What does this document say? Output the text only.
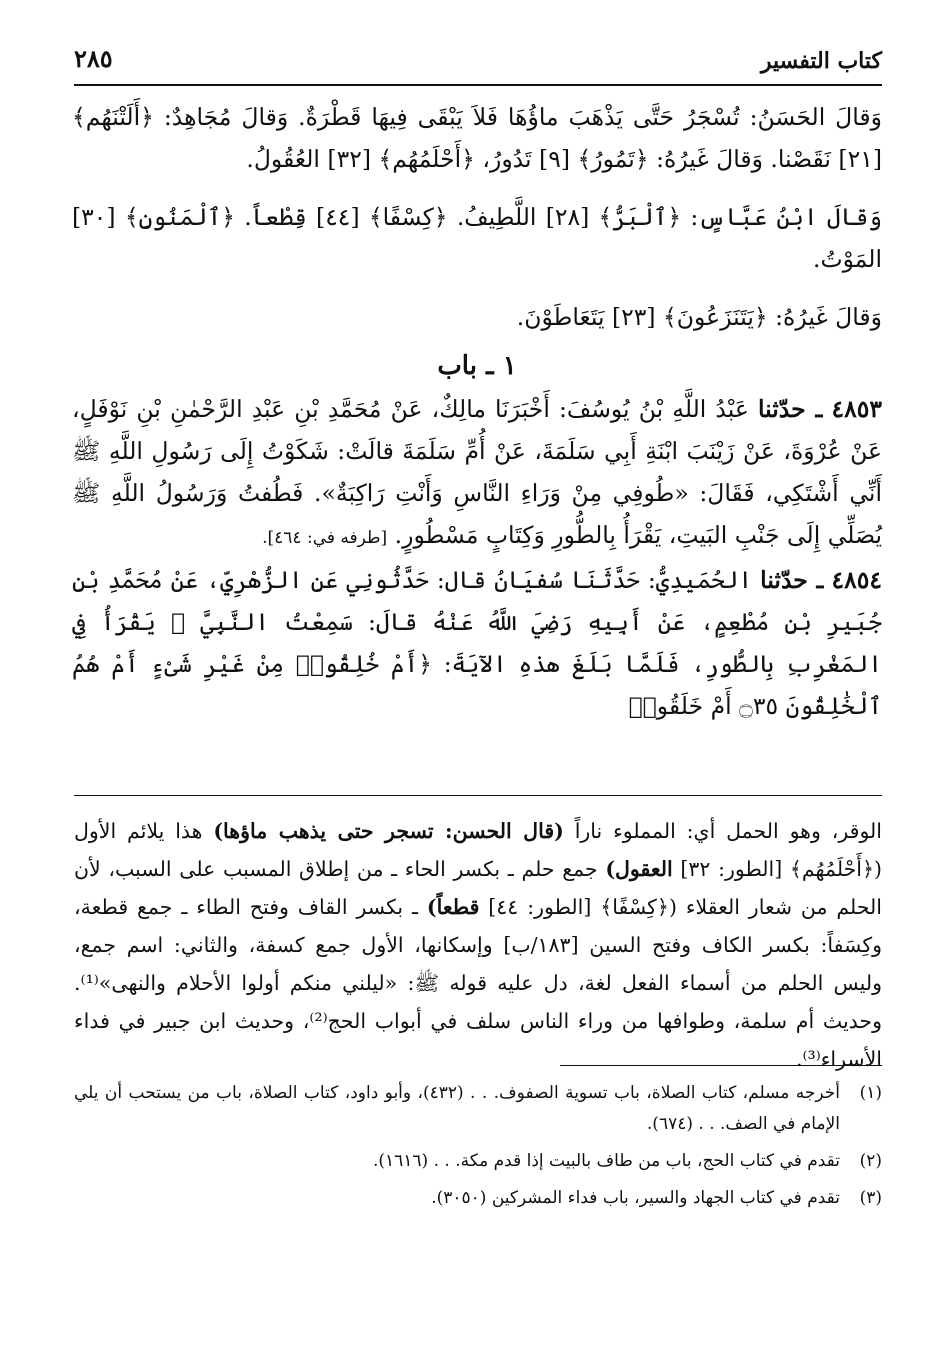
كتاب التفسير
٢٨٥

وَقالَ الحَسَنُ: تُسْجَرُ حَتَّى يَذْهَبَ ماؤُهَا فَلاَ يَبْقَى فِيهَا قَطْرَةٌ. وَقالَ مُجَاهِدٌ: ﴿أَلَتْنَهُم﴾ [٢١] نَقَصْنا. وَقالَ غَيرُهُ: ﴿تَمُورُ﴾ [٩] تَدُورُ، ﴿أَحْلَمُهُم﴾ [٣٢] العُقُولُ.

وَقالَ ابْنُ عَبَّاسٍ: ﴿ٱلْبَرُّ﴾ [٢٨] اللَّطِيفُ. ﴿كِسْفًا﴾ [٤٤] قِطْعاً. ﴿ٱلْمَنُونِ﴾ [٣٠] المَوْتُ.

وَقالَ غَيرُهُ: ﴿يَتَنَزَعُونَ﴾ [٢٣] يَتَعَاطَوْنَ.

١ ـ باب

٤٨٥٣ ـ حدّثنا عَبْدُ اللَّهِ بْنُ يُوسُفَ: أَخْبَرَنَا مالِكٌ، عَنْ مُحَمَّدِ بْنِ عَبْدِ الرَّحْمٰنِ بْنِ نَوْفَلٍ، عَنْ عُرْوَةَ، عَنْ زَيْنَبَ ابْنَةِ أَبِي سَلَمَةَ، عَنْ أُمِّ سَلَمَةَ قالَتْ: شَكَوْتُ إِلَى رَسُولِ اللَّهِ ﷺ أَنِّي أَشْتَكِي، فَقَالَ: «طُوفِي مِنْ وَرَاءِ النَّاسِ وَأَنْتِ رَاكِبَةٌ». فَطُفتُ وَرَسُولُ اللَّهِ ﷺ يُصَلِّي إِلَى جَنْبِ البَيتِ، يَقْرَأُ بِالطُّورِ وَكِتَابٍ مَسْطُورٍ. [طرفه في: ٤٦٤].

٤٨٥٤ ـ حدّثنا الحُمَيدِيُّ: حَدَّثَنَا سُفيَانُ قال: حَدَّثُونِي عَنِ الزُّهْرِيِّ، عَنْ مُحَمَّدِ بْنِ جُبَيرِ بْنِ مُطْعِمٍ، عَنْ أَبِيهِ رَضِيَ اللَّهُ عَنْهُ قالَ: سَمِعْتُ النَّبِيَّ ﷺ يَقْرَأُ فِي المَغْرِبِ بِالطُّورِ، فَلَمَّا بَلَغَ هذهِ الآيَةَ: ﴿أَمْ خُلِقُوا۟ مِنْ غَيْرِ شَىْءٍ أَمْ هُمُ ٱلْخَٰلِقُونَ ۝٣٥ أَمْ خَلَقُوا۟

الوقر، وهو الحمل أي: المملوء ناراً (قال الحسن: تسجر حتى يذهب ماؤها) هذا يلائم الأول (﴿أَحْلَمُهُم﴾ [الطور: ٣٢] العقول) جمع حلم ـ بكسر الحاء ـ من إطلاق المسبب على السبب، لأن الحلم من شعار العقلاء (﴿كِسْفًا﴾ [الطور: ٤٤] قطعاً) ـ بكسر القاف وفتح الطاء ـ جمع قطعة، وكِسَفاً: بكسر الكاف وفتح السين [١٨٣/ب] وإسكانها، الأول جمع كسفة، والثاني: اسم جمع، وليس الحلم من أسماء الفعل لغة، دل عليه قوله ﷺ: «ليلني منكم أولوا الأحلام والنهى»⁽¹⁾. وحديث أم سلمة، وطوافها من وراء الناس سلف في أبواب الحج⁽²⁾، وحديث ابن جبير في فداء الأسراء⁽³⁾.

(١)
أخرجه مسلم، كتاب الصلاة، باب تسوية الصفوف. . . (٤٣٢)، وأبو داود، كتاب الصلاة، باب من يستحب أن يلي الإمام في الصف. . . (٦٧٤).
(٢)
تقدم في كتاب الحج، باب من طاف بالبيت إذا قدم مكة. . . (١٦١٦).
(٣)
تقدم في كتاب الجهاد والسير، باب فداء المشركين (٣٠٥٠).
